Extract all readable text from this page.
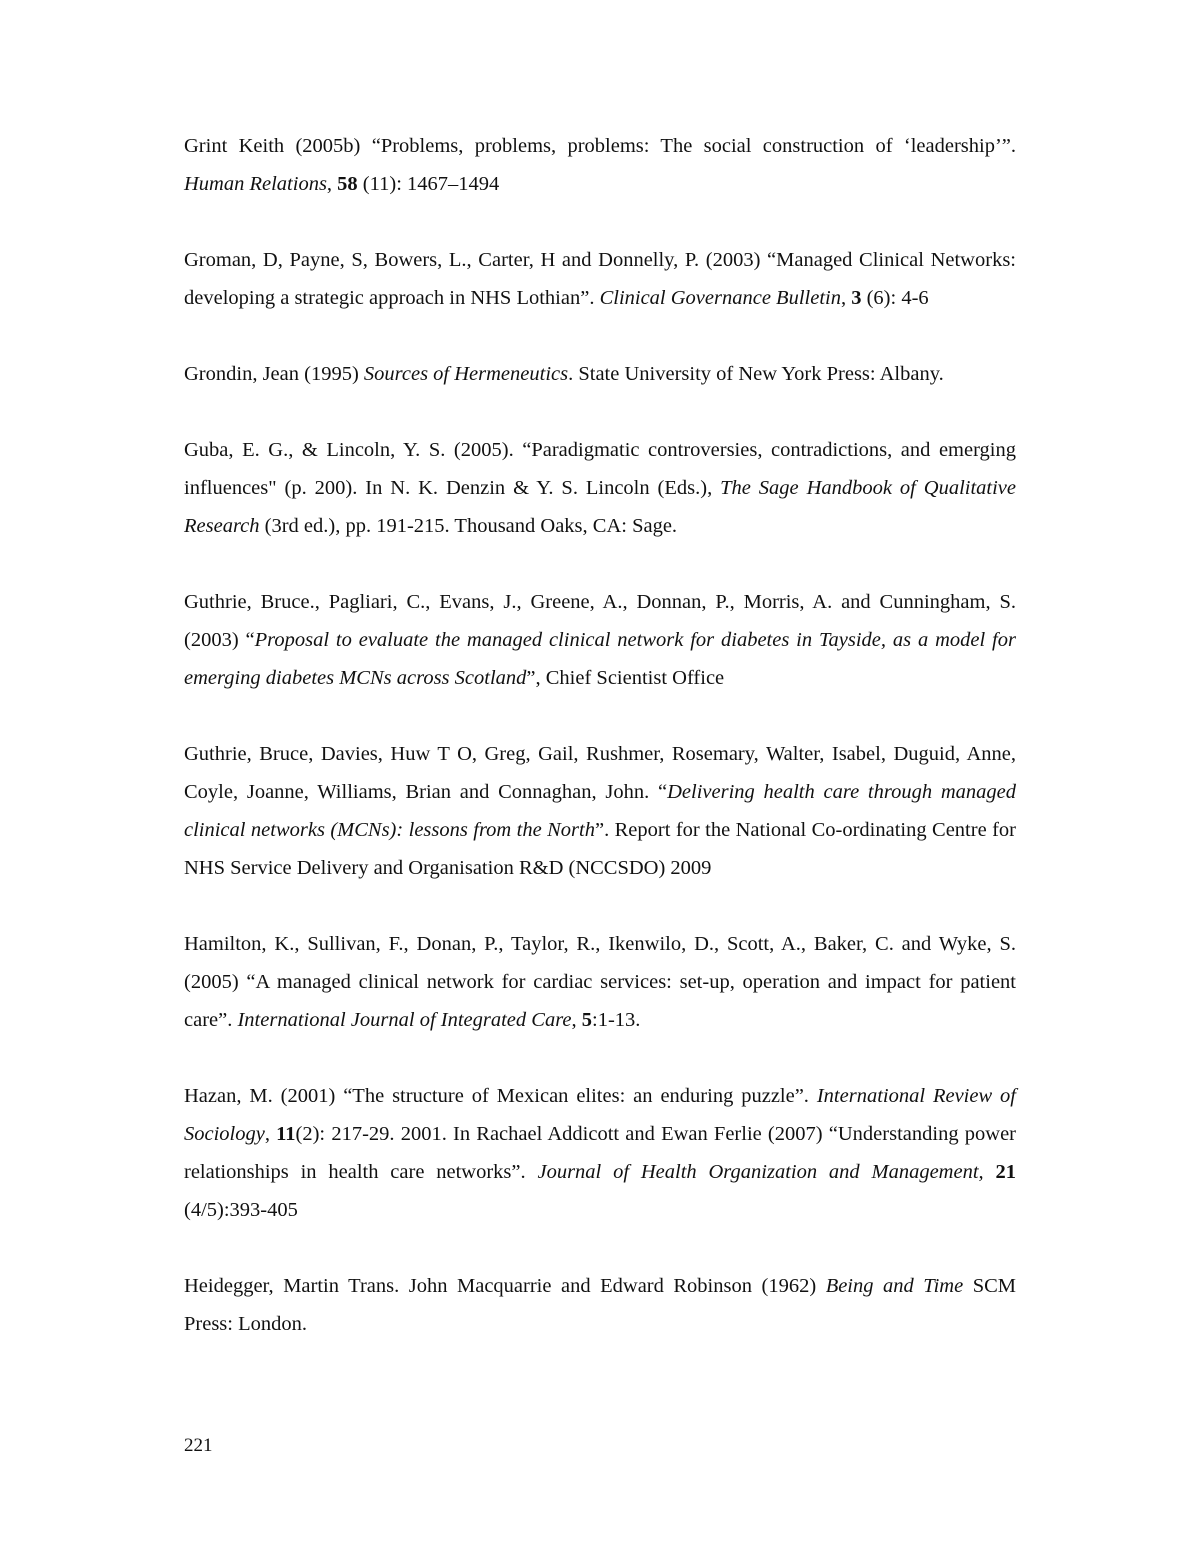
Grint Keith (2005b) “Problems, problems, problems: The social construction of ‘leadership’”. Human Relations, 58 (11): 1467–1494

Groman, D, Payne, S, Bowers, L., Carter, H and Donnelly, P. (2003) “Managed Clinical Networks: developing a strategic approach in NHS Lothian”. Clinical Governance Bulletin, 3 (6): 4-6

Grondin, Jean (1995) Sources of Hermeneutics. State University of New York Press: Albany.

Guba, E. G., & Lincoln, Y. S. (2005). “Paradigmatic controversies, contradictions, and emerging influences" (p. 200). In N. K. Denzin & Y. S. Lincoln (Eds.), The Sage Handbook of Qualitative Research (3rd ed.), pp. 191-215. Thousand Oaks, CA: Sage.

Guthrie, Bruce., Pagliari, C., Evans, J., Greene, A., Donnan, P., Morris, A. and Cunningham, S.(2003) “Proposal to evaluate the managed clinical network for diabetes in Tayside, as a model for emerging diabetes MCNs across Scotland”, Chief Scientist Office

Guthrie, Bruce, Davies, Huw T O, Greg, Gail, Rushmer, Rosemary, Walter, Isabel, Duguid, Anne, Coyle, Joanne, Williams, Brian and Connaghan, John. “Delivering health care through managed clinical networks (MCNs): lessons from the North”. Report for the National Co-ordinating Centre for NHS Service Delivery and Organisation R&D (NCCSDO) 2009

Hamilton, K., Sullivan, F., Donan, P., Taylor, R., Ikenwilo, D., Scott, A., Baker, C. and Wyke, S. (2005) “A managed clinical network for cardiac services: set-up, operation and impact for patient care”. International Journal of Integrated Care, 5:1-13.

Hazan, M. (2001) “The structure of Mexican elites: an enduring puzzle”. International Review of Sociology, 11(2): 217-29. 2001. In Rachael Addicott and Ewan Ferlie (2007) “Understanding power relationships in health care networks”. Journal of Health Organization and Management, 21 (4/5):393-405

Heidegger, Martin Trans. John Macquarrie and Edward Robinson (1962) Being and Time SCM Press: London.

221
